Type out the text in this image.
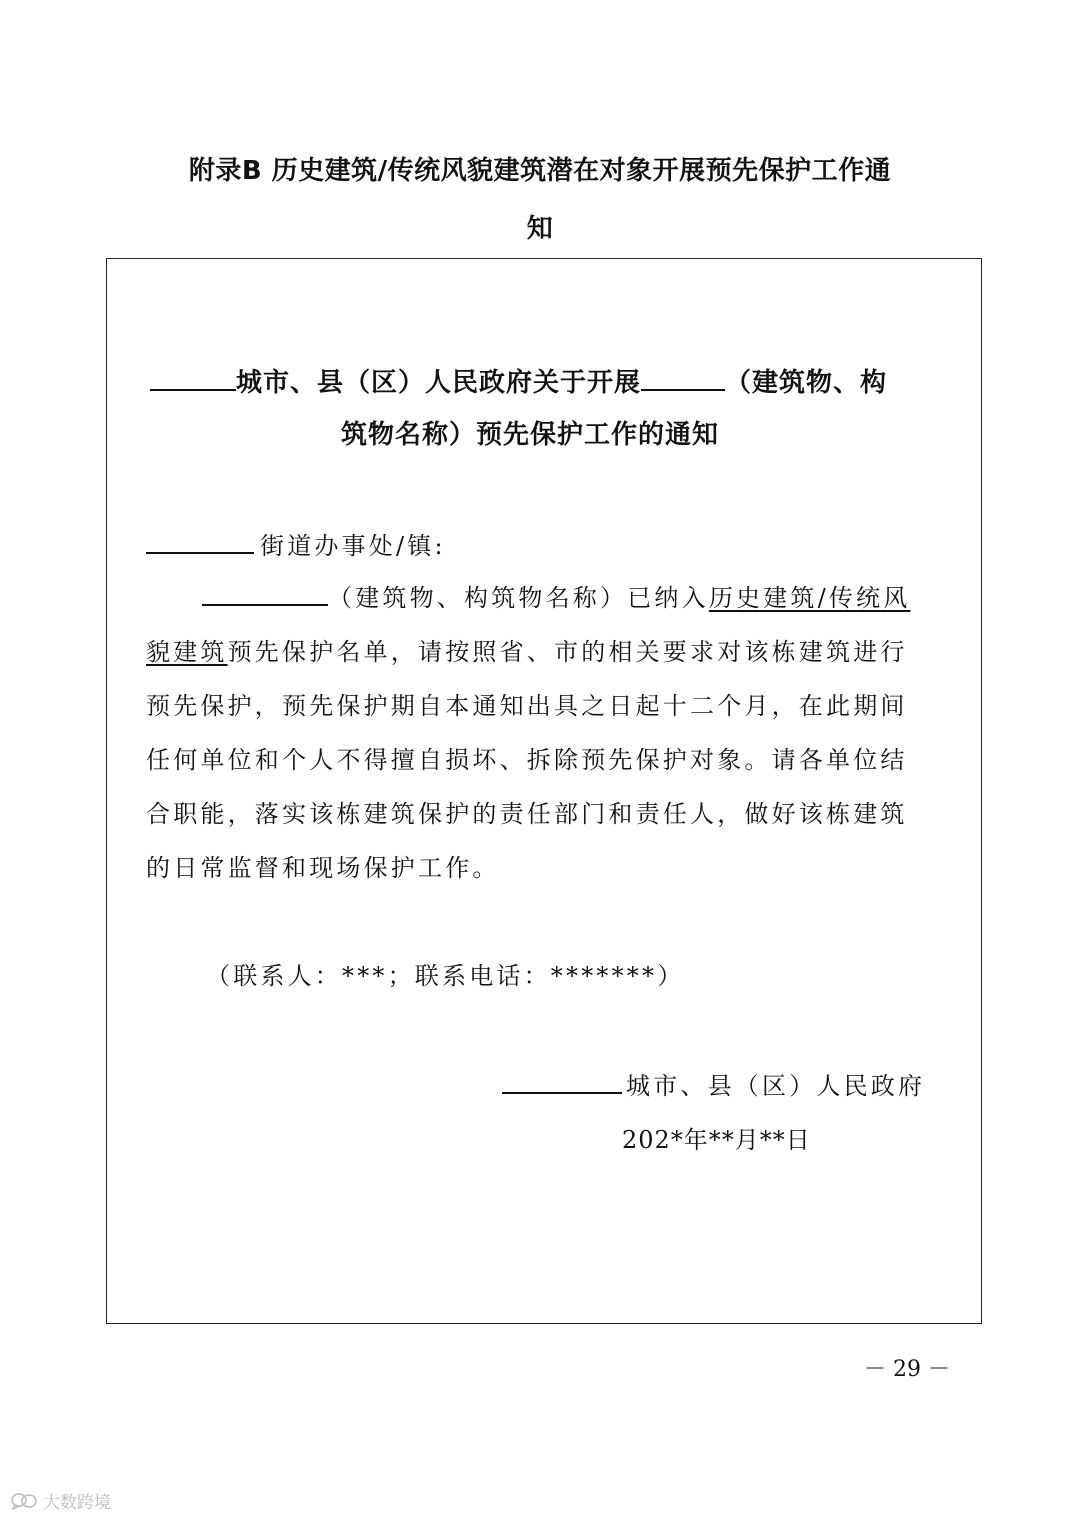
附录B 历史建筑/传统风貌建筑潜在对象开展预先保护工作通
知
城市、县（区）人民政府关于开展	（建筑物、构
筑物名称）预先保护工作的通知
街道办事处/镇:
（建筑物、构筑物名称）已纳入历史建筑/传统风
貌建筑预先保护名单，请按照省、市的相关要求对该栋建筑进行
预先保护，预先保护期自本通知出具之日起十二个月，在此期间
任何单位和个人不得擅自损坏、拆除预先保护对象。请各单位结
合职能，落实该栋建筑保护的责任部门和责任人，做好该栋建筑
的日常监督和现场保护工作。
（联系人：***；联系电话：*******）
城市、县（区）人民政府
202*年**月**日
－ 29 －
大数跨境
